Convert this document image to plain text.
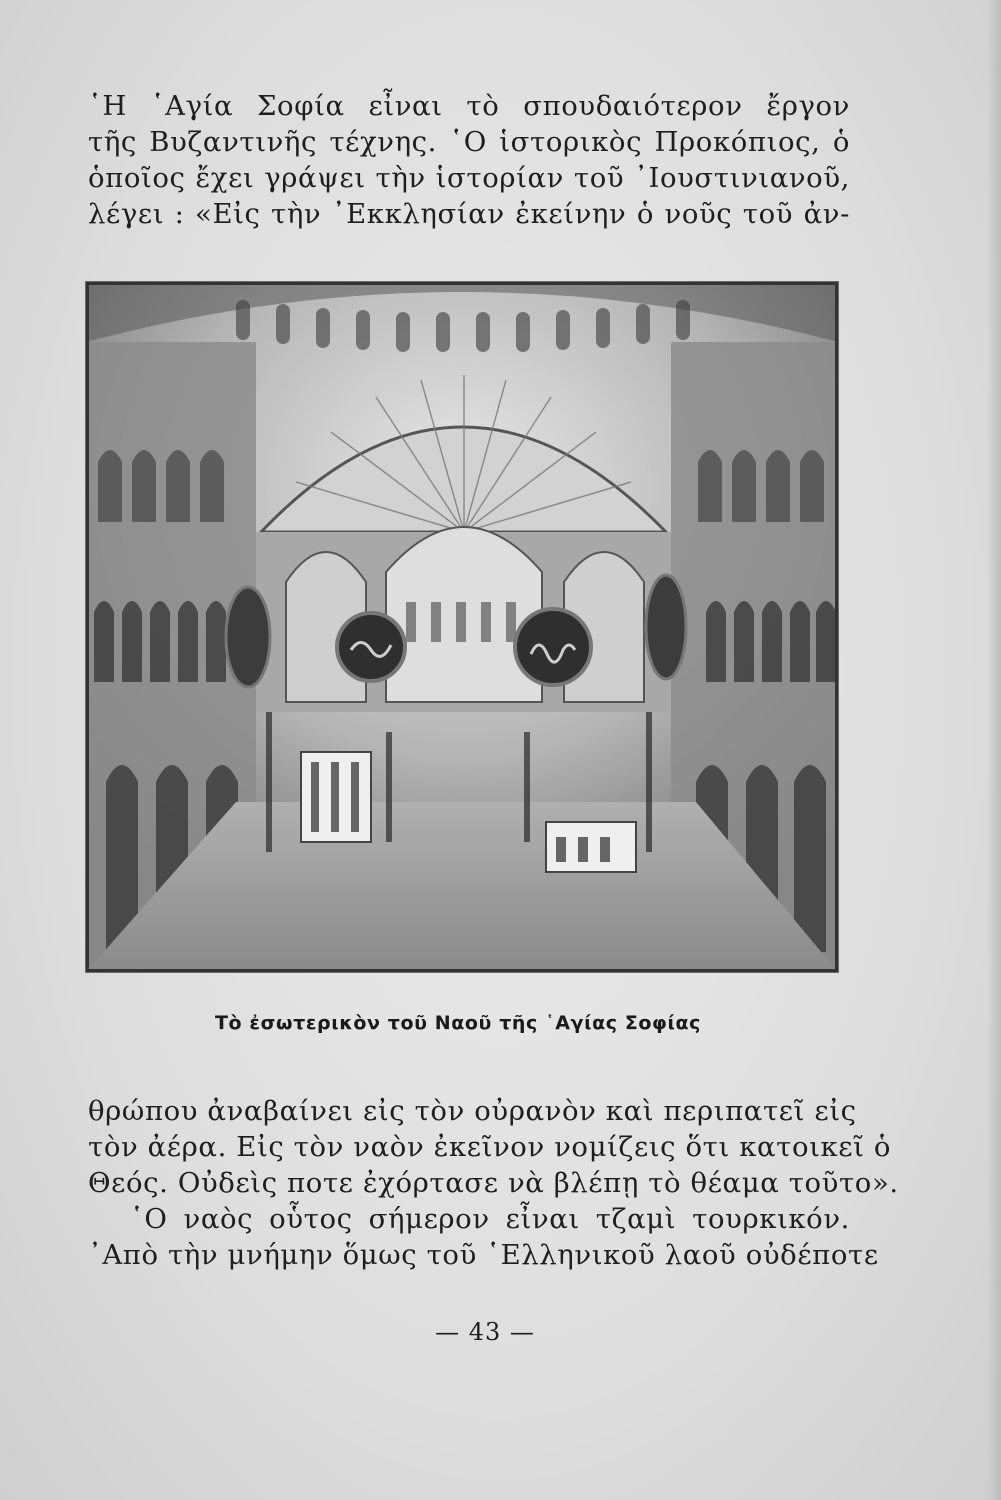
῾Η ῾Αγία Σοφία εἶναι τὸ σπουδαιότερον ἔργον
τῆς Βυζαντινῆς τέχνης. ῾Ο ἱστορικὸς Προκόπιος, ὁ
ὁποῖος ἔχει γράψει τὴν ἱστορίαν τοῦ ᾿Ιουστινιανοῦ,
λέγει : «Εἰς τὴν ᾿Εκκλησίαν ἐκείνην ὁ νοῦς τοῦ ἀν-
Τὸ ἐσωτερικὸν τοῦ Ναοῦ τῆς ῾Αγίας Σοφίας
θρώπου ἀναβαίνει εἰς τὸν οὐρανὸν καὶ περιπατεῖ εἰς
τὸν ἀέρα. Εἰς τὸν ναὸν ἐκεῖνον νομίζεις ὅτι κατοικεῖ ὁ
Θεός. Οὐδεὶς ποτε ἐχόρτασε νὰ βλέπῃ τὸ θέαμα τοῦτο».
῾Ο ναὸς οὗτος σήμερον εἶναι τζαμὶ τουρκικόν.
᾿Απὸ τὴν μνήμην ὅμως τοῦ ῾Ελληνικοῦ λαοῦ οὐδέποτε
— 43 —
